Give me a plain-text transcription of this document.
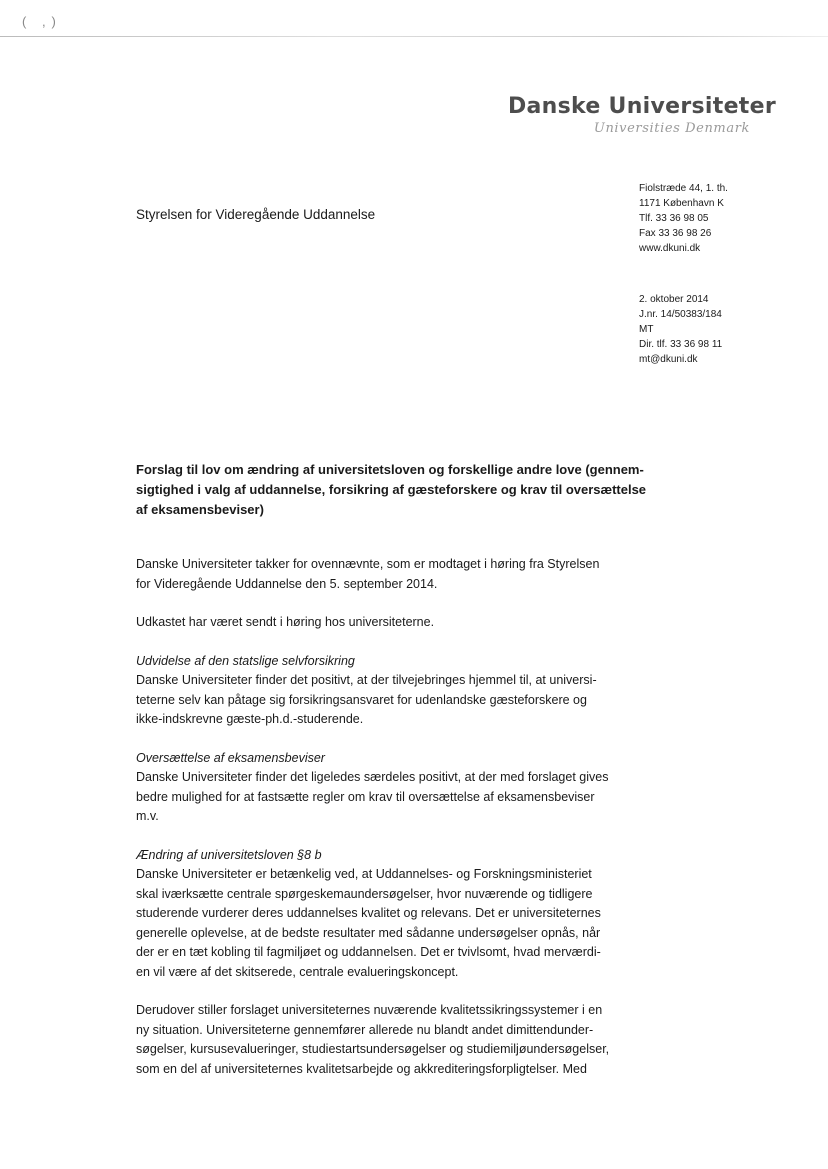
( ,)
Danske Universiteter
Universities Denmark
Styrelsen for Videregående Uddannelse
Fiolstræde 44, 1. th.
1171 København K
Tlf. 33 36 98 05
Fax 33 36 98 26
www.dkuni.dk
2. oktober 2014
J.nr. 14/50383/184
MT
Dir. tlf. 33 36 98 11
mt@dkuni.dk
Forslag til lov om ændring af universitetsloven og forskellige andre love (gennem-
sigtighed i valg af uddannelse, forsikring af gæsteforskere og krav til oversættelse
af eksamensbeviser)

Danske Universiteter takker for ovennævnte, som er modtaget i høring fra Styrelsen
for Videregående Uddannelse den 5. september 2014.

Udkastet har været sendt i høring hos universiteterne.

Udvidelse af den statslige selvforsikring
Danske Universiteter finder det positivt, at der tilvejebringes hjemmel til, at universi-
teterne selv kan påtage sig forsikringsansvaret for udenlandske gæsteforskere og
ikke-indskrevne gæste-ph.d.-studerende.

Oversættelse af eksamensbeviser
Danske Universiteter finder det ligeledes særdeles positivt, at der med forslaget gives
bedre mulighed for at fastsætte regler om krav til oversættelse af eksamensbeviser
m.v.

Ændring af universitetsloven §8 b
Danske Universiteter er betænkelig ved, at Uddannelses- og Forskningsministeriet
skal iværksætte centrale spørgeskemaundersøgelser, hvor nuværende og tidligere
studerende vurderer deres uddannelses kvalitet og relevans. Det er universiteternes
generelle oplevelse, at de bedste resultater med sådanne undersøgelser opnås, når
der er en tæt kobling til fagmiljøet og uddannelsen. Det er tvivlsomt, hvad merværdi-
en vil være af det skitserede, centrale evalueringskoncept.

Derudover stiller forslaget universiteternes nuværende kvalitetssikringssystemer i en
ny situation. Universiteterne gennemfører allerede nu blandt andet dimittendunder-
søgelser, kursusevalueringer, studiestartsundersøgelser og studiemiljøundersøgelser,
som en del af universiteternes kvalitetsarbejde og akkrediteringsforpligtelser. Med
